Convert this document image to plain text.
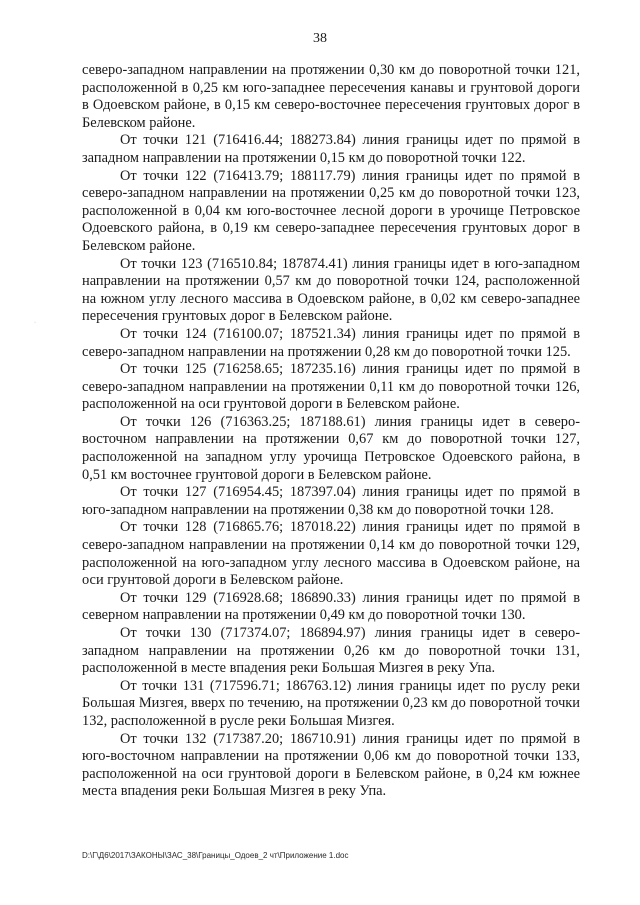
38
·

северо-западном направлении на протяжении 0,30 км до поворотной точки 121, расположенной в 0,25 км юго-западнее пересечения канавы и грунтовой дороги в Одоевском районе, в 0,15 км северо-восточнее пересечения грунтовых дорог в Белевском районе.

От точки 121 (716416.44; 188273.84) линия границы идет по прямой в западном направлении на протяжении 0,15 км до поворотной точки 122.

От точки 122 (716413.79; 188117.79) линия границы идет по прямой в северо-западном направлении на протяжении 0,25 км до поворотной точки 123, расположенной в 0,04 км юго-восточнее лесной дороги в урочище Петровское Одоевского района, в 0,19 км северо-западнее пересечения грунтовых дорог в Белевском районе.

От точки 123 (716510.84; 187874.41) линия границы идет в юго-западном направлении на протяжении 0,57 км до поворотной точки 124, расположенной на южном углу лесного массива в Одоевском районе, в 0,02 км северо-западнее пересечения грунтовых дорог в Белевском районе.

От точки 124 (716100.07; 187521.34) линия границы идет по прямой в северо-западном направлении на протяжении 0,28 км до поворотной точки 125.

От точки 125 (716258.65; 187235.16) линия границы идет по прямой в северо-западном направлении на протяжении 0,11 км до поворотной точки 126, расположенной на оси грунтовой дороги в Белевском районе.

От точки 126 (716363.25; 187188.61) линия границы идет в северо-восточном направлении на протяжении 0,67 км до поворотной точки 127, расположенной на западном углу урочища Петровское Одоевского района, в 0,51 км восточнее грунтовой дороги в Белевском районе.

От точки 127 (716954.45; 187397.04) линия границы идет по прямой в юго-западном направлении на протяжении 0,38 км до поворотной точки 128.

От точки 128 (716865.76; 187018.22) линия границы идет по прямой в северо-западном направлении на протяжении 0,14 км до поворотной точки 129, расположенной на юго-западном углу лесного массива в Одоевском районе, на оси грунтовой дороги в Белевском районе.

От точки 129 (716928.68; 186890.33) линия границы идет по прямой в северном направлении на протяжении 0,49 км до поворотной точки 130.

От точки 130 (717374.07; 186894.97) линия границы идет в северо-западном направлении на протяжении 0,26 км до поворотной точки 131, расположенной в месте впадения реки Большая Мизгея в реку Упа.

От точки 131 (717596.71; 186763.12) линия границы идет по руслу реки Большая Мизгея, вверх по течению, на протяжении 0,23 км до поворотной точки 132, расположенной в русле реки Большая Мизгея.

От точки 132 (717387.20; 186710.91) линия границы идет по прямой в юго-восточном направлении на протяжении 0,06 км до поворотной точки 133, расположенной на оси грунтовой дороги в Белевском районе, в 0,24 км южнее места впадения реки Большая Мизгея в реку Упа.

D:\Г\Д6\2017\ЗАКОНЫ\ЗАС_38\Границы_Одоев_2 чт\Приложение 1.doc
